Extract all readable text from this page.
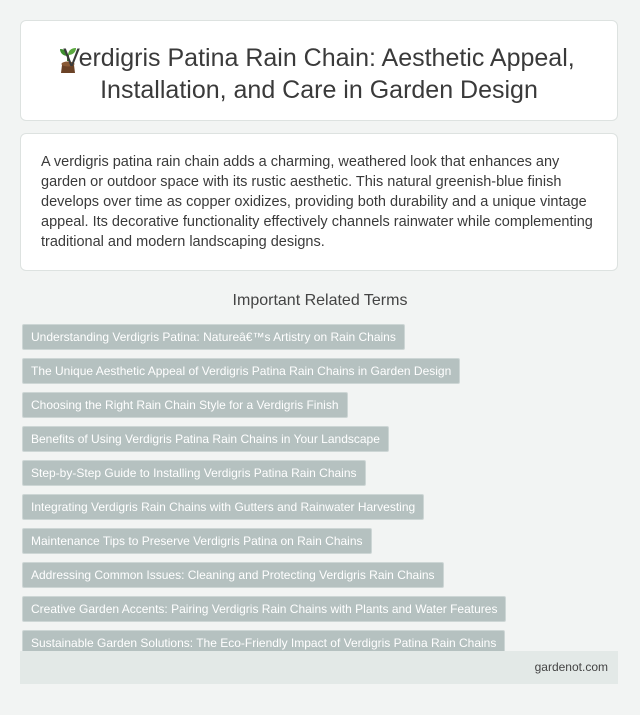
Verdigris Patina Rain Chain: Aesthetic Appeal,
Installation, and Care in Garden Design
A verdigris patina rain chain adds a charming, weathered look that enhances any garden or outdoor space with its rustic aesthetic. This natural greenish-blue finish develops over time as copper oxidizes, providing both durability and a unique vintage appeal. Its decorative functionality effectively channels rainwater while complementing traditional and modern landscaping designs.
Important Related Terms
Understanding Verdigris Patina: Natureâ€™s Artistry on Rain Chains
The Unique Aesthetic Appeal of Verdigris Patina Rain Chains in Garden Design
Choosing the Right Rain Chain Style for a Verdigris Finish
Benefits of Using Verdigris Patina Rain Chains in Your Landscape
Step-by-Step Guide to Installing Verdigris Patina Rain Chains
Integrating Verdigris Rain Chains with Gutters and Rainwater Harvesting
Maintenance Tips to Preserve Verdigris Patina on Rain Chains
Addressing Common Issues: Cleaning and Protecting Verdigris Rain Chains
Creative Garden Accents: Pairing Verdigris Rain Chains with Plants and Water Features
Sustainable Garden Solutions: The Eco-Friendly Impact of Verdigris Patina Rain Chains
gardenot.com
